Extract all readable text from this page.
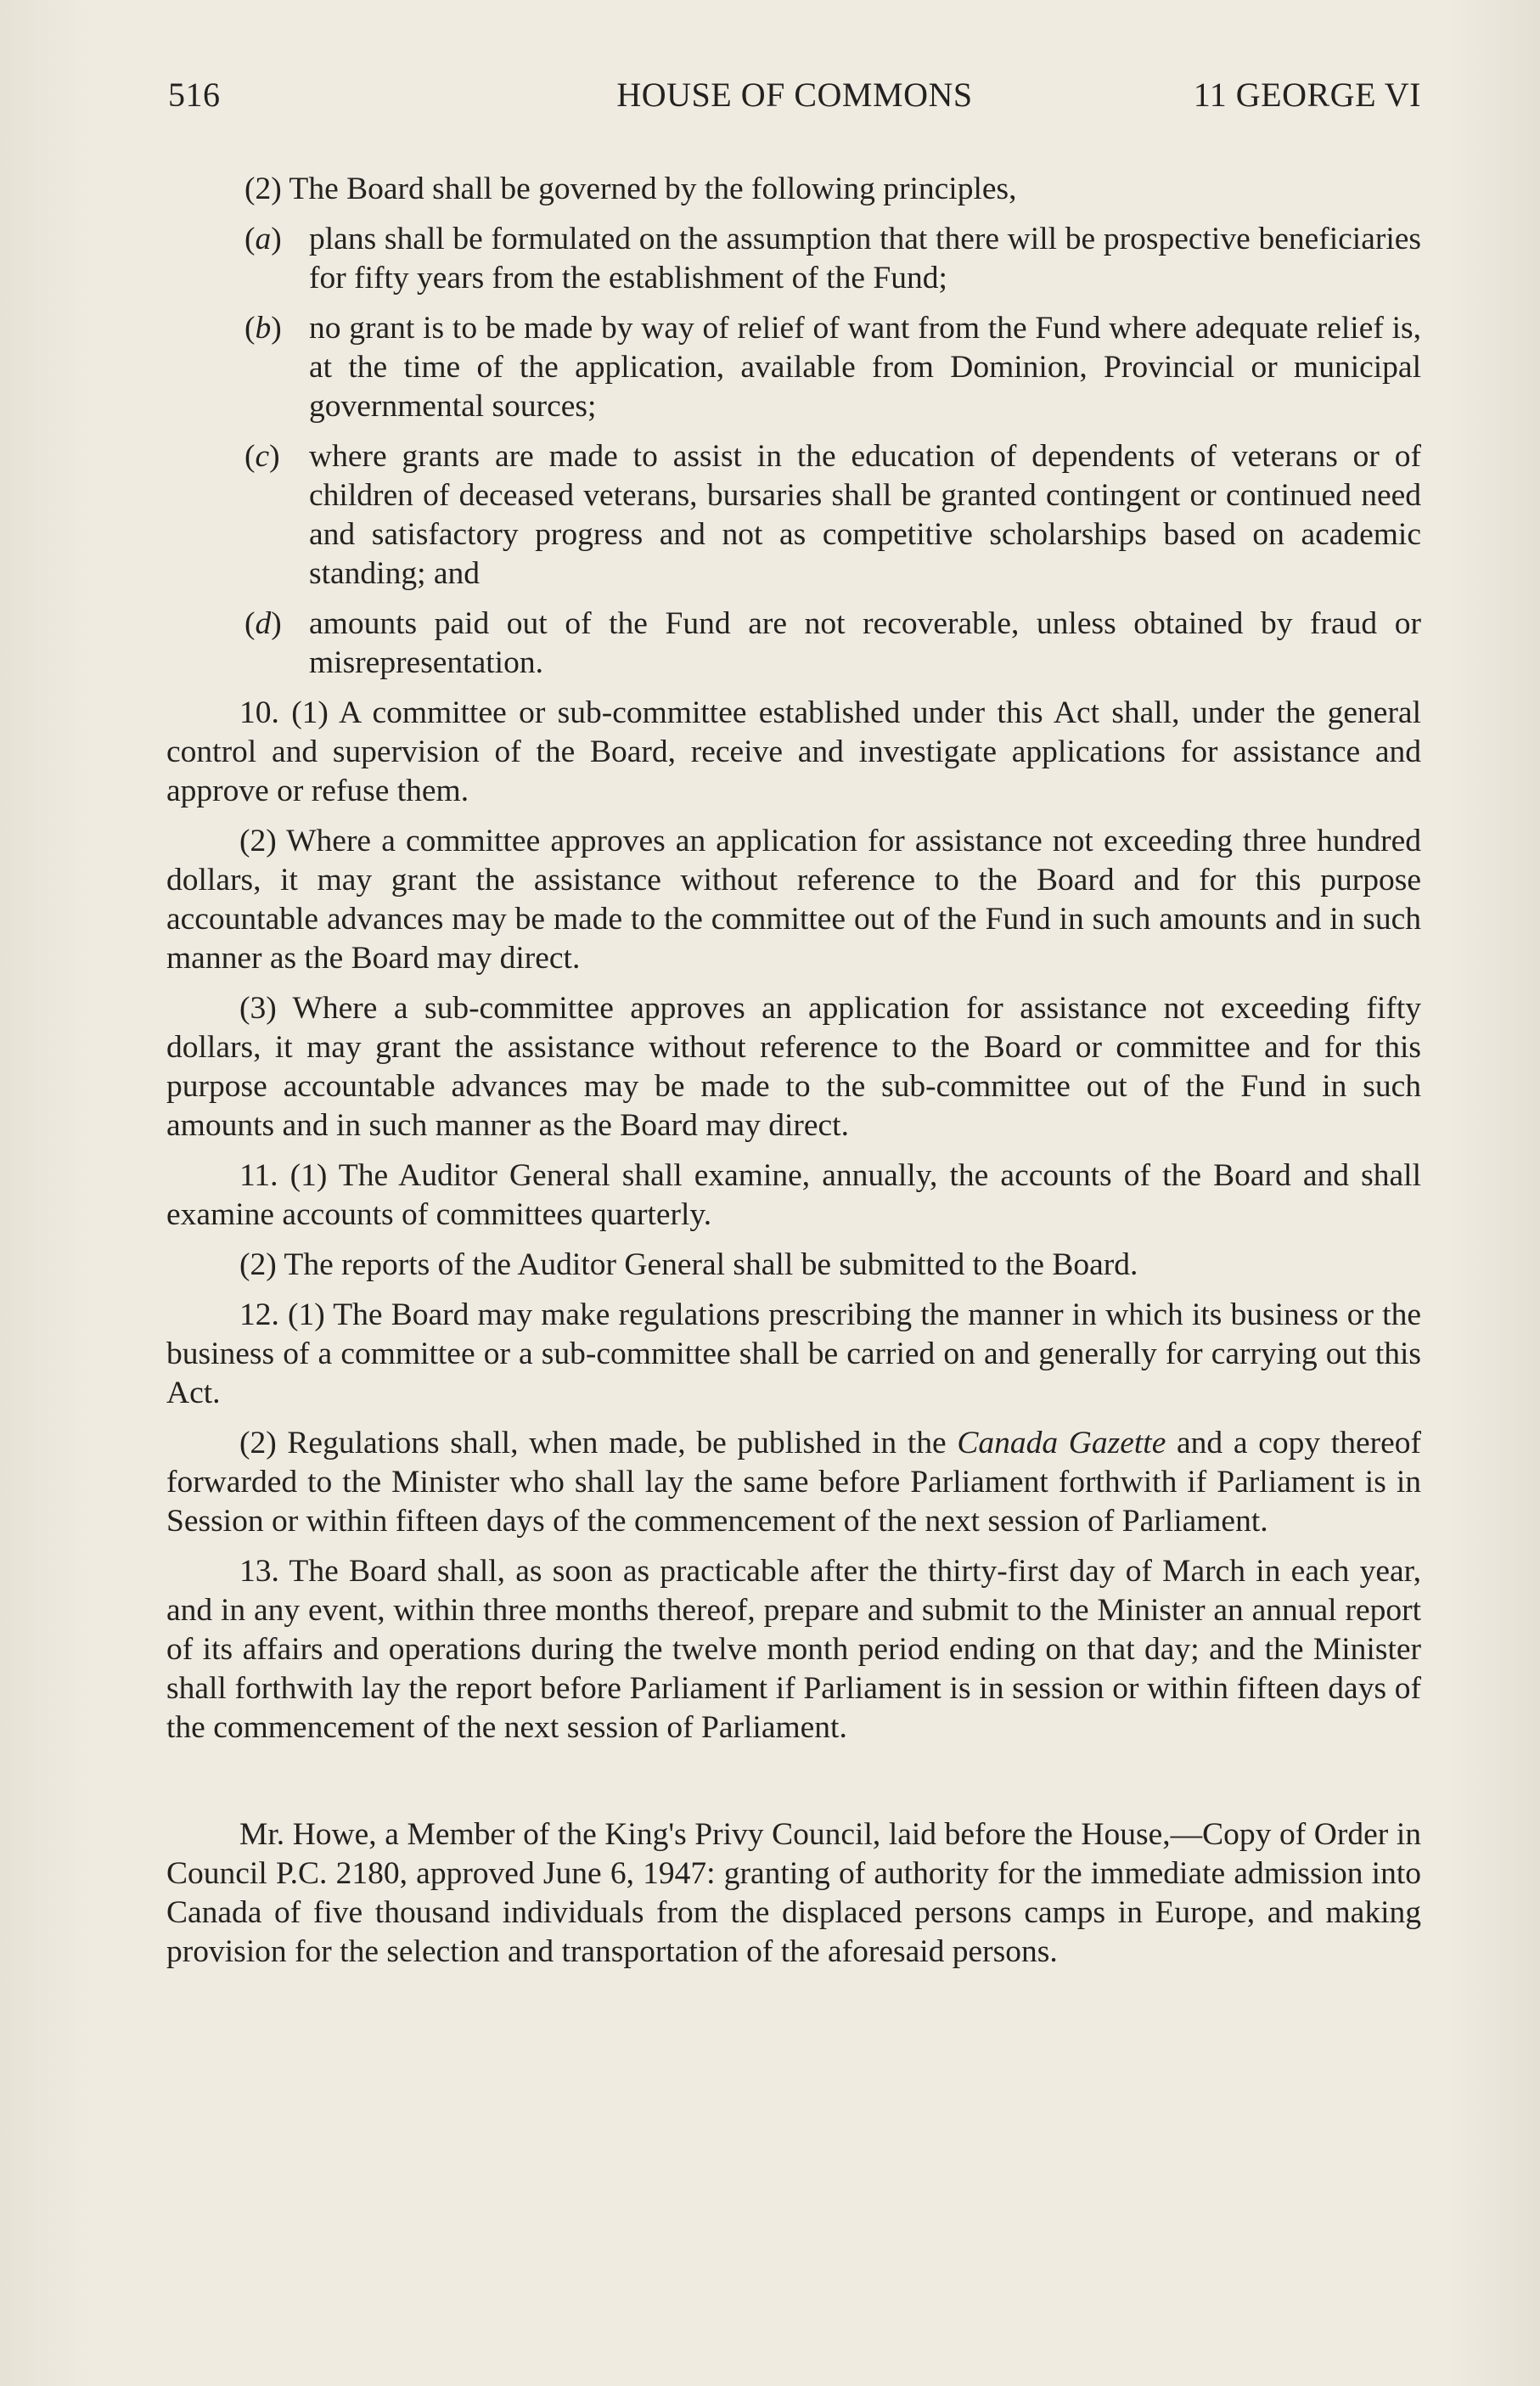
516	HOUSE OF COMMONS	11 GEORGE VI

(2) The Board shall be governed by the following principles,

(a) plans shall be formulated on the assumption that there will be prospective beneficiaries for fifty years from the establishment of the Fund;
(b) no grant is to be made by way of relief of want from the Fund where adequate relief is, at the time of the application, available from Dominion, Provincial or municipal governmental sources;
(c) where grants are made to assist in the education of dependents of veterans or of children of deceased veterans, bursaries shall be granted contingent or continued need and satisfactory progress and not as competitive scholarships based on academic standing; and
(d) amounts paid out of the Fund are not recoverable, unless obtained by fraud or misrepresentation.

10. (1) A committee or sub-committee established under this Act shall, under the general control and supervision of the Board, receive and investigate applications for assistance and approve or refuse them.

(2) Where a committee approves an application for assistance not exceeding three hundred dollars, it may grant the assistance without reference to the Board and for this purpose accountable advances may be made to the committee out of the Fund in such amounts and in such manner as the Board may direct.

(3) Where a sub-committee approves an application for assistance not exceeding fifty dollars, it may grant the assistance without reference to the Board or committee and for this purpose accountable advances may be made to the sub-committee out of the Fund in such amounts and in such manner as the Board may direct.

11. (1) The Auditor General shall examine, annually, the accounts of the Board and shall examine accounts of committees quarterly.

(2) The reports of the Auditor General shall be submitted to the Board.

12. (1) The Board may make regulations prescribing the manner in which its business or the business of a committee or a sub-committee shall be carried on and generally for carrying out this Act.

(2) Regulations shall, when made, be published in the Canada Gazette and a copy thereof forwarded to the Minister who shall lay the same before Parliament forthwith if Parliament is in Session or within fifteen days of the commencement of the next session of Parliament.

13. The Board shall, as soon as practicable after the thirty-first day of March in each year, and in any event, within three months thereof, prepare and submit to the Minister an annual report of its affairs and operations during the twelve month period ending on that day; and the Minister shall forthwith lay the report before Parliament if Parliament is in session or within fifteen days of the commencement of the next session of Parliament.

Mr. Howe, a Member of the King's Privy Council, laid before the House,—Copy of Order in Council P.C. 2180, approved June 6, 1947: granting of authority for the immediate admission into Canada of five thousand individuals from the displaced persons camps in Europe, and making provision for the selection and transportation of the aforesaid persons.
